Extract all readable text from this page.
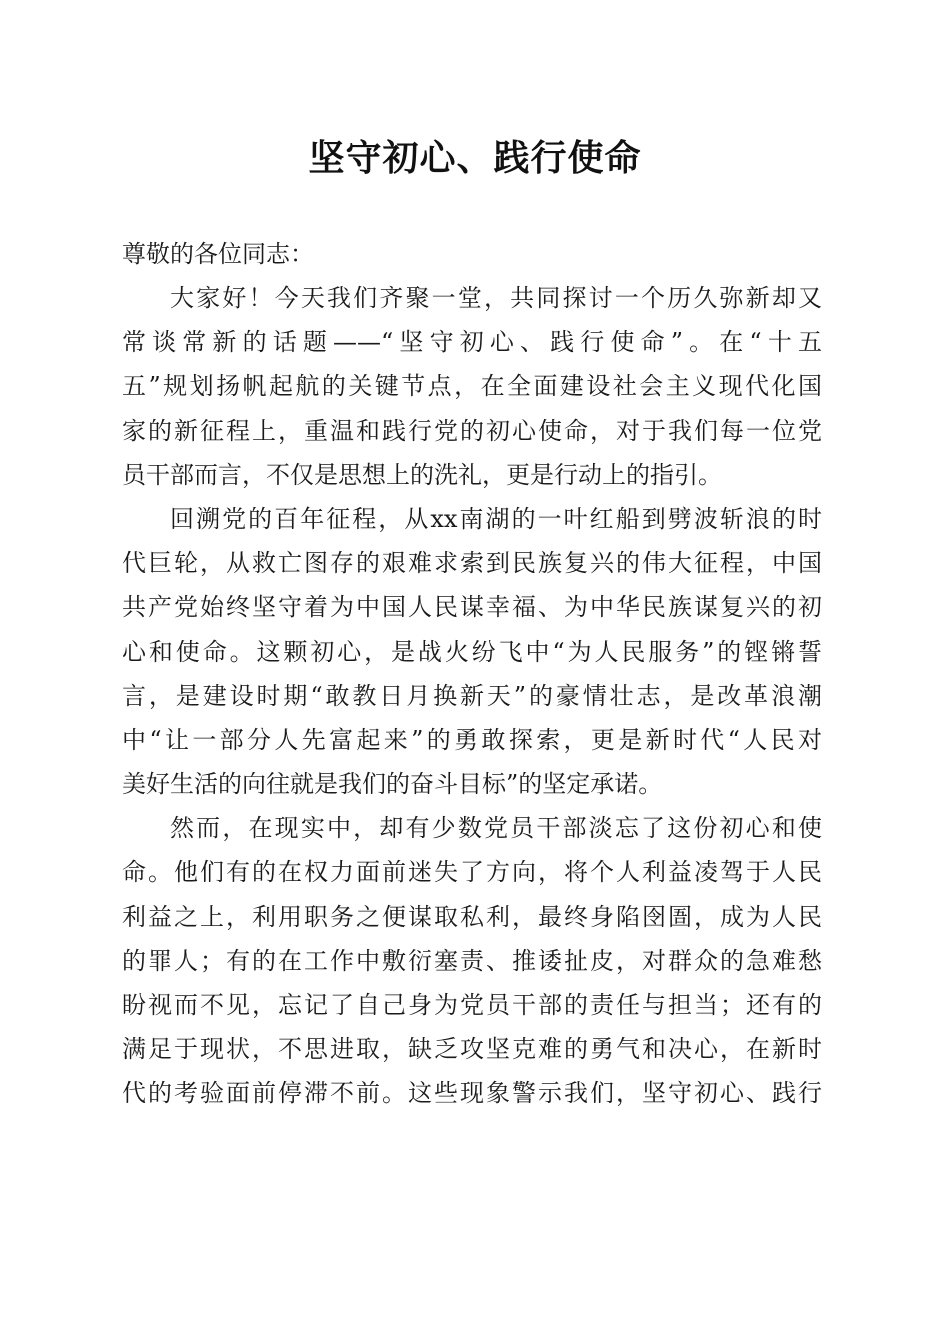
坚守初心、践行使命

尊敬的各位同志：

大家好！今天我们齐聚一堂，共同探讨一个历久弥新却又
常谈常新的话题——“坚守初心、践行使命”。在“十五
五”规划扬帆起航的关键节点，在全面建设社会主义现代化国
家的新征程上，重温和践行党的初心使命，对于我们每一位党
员干部而言，不仅是思想上的洗礼，更是行动上的指引。
回溯党的百年征程，从xx南湖的一叶红船到劈波斩浪的时
代巨轮，从救亡图存的艰难求索到民族复兴的伟大征程，中国
共产党始终坚守着为中国人民谋幸福、为中华民族谋复兴的初
心和使命。这颗初心，是战火纷飞中“为人民服务”的铿锵誓
言，是建设时期“敢教日月换新天”的豪情壮志，是改革浪潮
中“让一部分人先富起来”的勇敢探索，更是新时代“人民对
美好生活的向往就是我们的奋斗目标”的坚定承诺。
然而，在现实中，却有少数党员干部淡忘了这份初心和使
命。他们有的在权力面前迷失了方向，将个人利益凌驾于人民
利益之上，利用职务之便谋取私利，最终身陷囹圄，成为人民
的罪人；有的在工作中敷衍塞责、推诿扯皮，对群众的急难愁
盼视而不见，忘记了自己身为党员干部的责任与担当；还有的
满足于现状，不思进取，缺乏攻坚克难的勇气和决心，在新时
代的考验面前停滞不前。这些现象警示我们，坚守初心、践行
